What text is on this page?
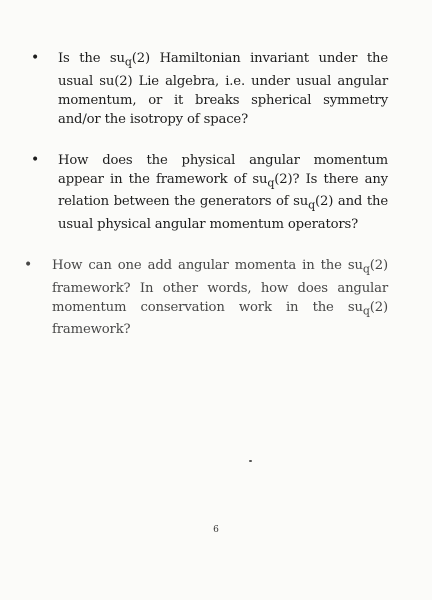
• Is the $su_q(2)$ Hamiltonian invariant under the usual su(2) Lie algebra, i.e. under usual angular momentum, or it breaks spherical symmetry and/or the isotropy of space?
• How does the physical angular momentum appear in the framework of $su_q(2)$? Is there any relation between the generators of $su_q(2)$ and the usual physical angular momentum operators?
• How can one add angular momenta in the $su_q(2)$ framework? In other words, how does angular momentum conservation work in the $su_q(2)$ framework?
6
